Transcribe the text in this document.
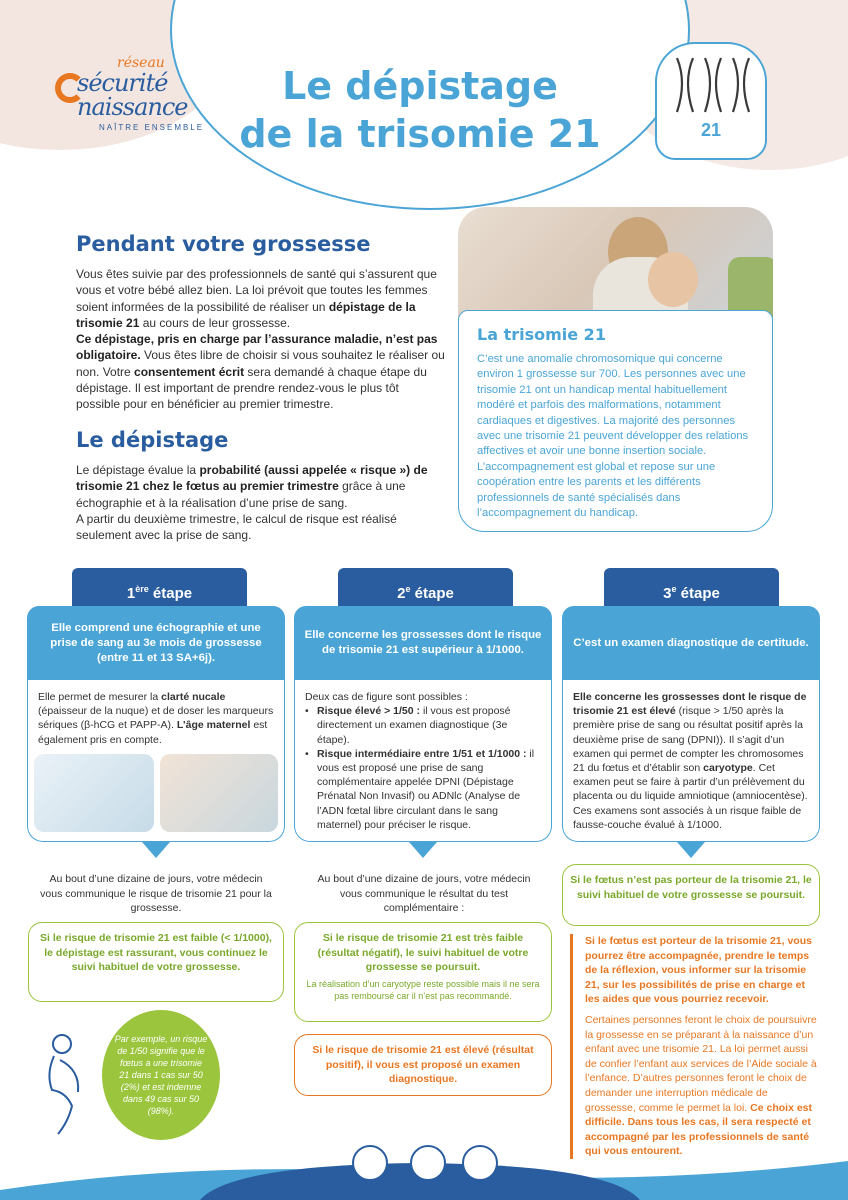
réseau
sécurité
naissance
NAÎTRE ENSEMBLE
Le dépistage
de la trisomie 21	21
Pendant votre grossesse
Vous êtes suivie par des professionnels de santé qui s’assurent que vous et votre bébé allez bien. La loi prévoit que toutes les femmes soient informées de la possibilité de réaliser un dépistage de la trisomie 21 au cours de leur grossesse.
Ce dépistage, pris en charge par l’assurance maladie, n’est pas obligatoire. Vous êtes libre de choisir si vous souhaitez le réaliser ou non. Votre consentement écrit sera demandé à chaque étape du dépistage. Il est important de prendre rendez-vous le plus tôt possible pour en bénéficier au premier trimestre.
Le dépistage
Le dépistage évalue la probabilité (aussi appelée « risque ») de trisomie 21 chez le fœtus au premier trimestre grâce à une échographie et à la réalisation d’une prise de sang.
A partir du deuxième trimestre, le calcul de risque est réalisé seulement avec la prise de sang.
La trisomie 21
C’est une anomalie chromosomique qui concerne environ 1 grossesse sur 700. Les personnes avec une trisomie 21 ont un handicap mental habituellement modéré et parfois des malformations, notamment cardiaques et digestives. La majorité des personnes avec une trisomie 21 peuvent développer des relations affectives et avoir une bonne insertion sociale. L’accompagnement est global et repose sur une coopération entre les parents et les différents professionnels de santé spécialisés dans l’accompagnement du handicap.
1ère étape	2e étape	3e étape
Elle comprend une échographie et une prise de sang au 3e mois de grossesse (entre 11 et 13 SA+6j).
Elle concerne les grossesses dont le risque de trisomie 21 est supérieur à 1/1000.
C’est un examen diagnostique de certitude.
Elle permet de mesurer la clarté nucale (épaisseur de la nuque) et de doser les marqueurs sériques (β-hCG et PAPP-A). L’âge maternel est également pris en compte.
Deux cas de figure sont possibles :
• Risque élevé > 1/50 : il vous est proposé directement un examen diagnostique (3e étape).
• Risque intermédiaire entre 1/51 et 1/1000 : il vous est proposé une prise de sang complémentaire appelée DPNI (Dépistage Prénatal Non Invasif) ou ADNlc (Analyse de l’ADN fœtal libre circulant dans le sang maternel) pour préciser le risque.
Elle concerne les grossesses dont le risque de trisomie 21 est élevé (risque > 1/50 après la première prise de sang ou résultat positif après la deuxième prise de sang (DPNI)). Il s’agit d’un examen qui permet de compter les chromosomes 21 du fœtus et d’établir son caryotype. Cet examen peut se faire à partir d’un prélèvement du placenta ou du liquide amniotique (amniocentèse). Ces examens sont associés à un risque faible de fausse-couche évalué à 1/1000.
Au bout d’une dizaine de jours, votre médecin vous communique le risque de trisomie 21 pour la grossesse.
Si le risque de trisomie 21 est faible (< 1/1000), le dépistage est rassurant, vous continuez le suivi habituel de votre grossesse.
Au bout d’une dizaine de jours, votre médecin vous communique le résultat du test complémentaire :
Si le risque de trisomie 21 est très faible (résultat négatif), le suivi habituel de votre grossesse se poursuit.
La réalisation d’un caryotype reste possible mais il ne sera pas remboursé car il n’est pas recommandé.
Si le risque de trisomie 21 est élevé (résultat positif), il vous est proposé un examen diagnostique.
Si le fœtus n’est pas porteur de la trisomie 21, le suivi habituel de votre grossesse se poursuit.
Si le fœtus est porteur de la trisomie 21, vous pourrez être accompagnée, prendre le temps de la réflexion, vous informer sur la trisomie 21, sur les possibilités de prise en charge et les aides que vous pourriez recevoir.
Certaines personnes feront le choix de poursuivre la grossesse en se préparant à la naissance d’un enfant avec une trisomie 21. La loi permet aussi de confier l’enfant aux services de l’Aide sociale à l’enfance. D’autres personnes feront le choix de demander une interruption médicale de grossesse, comme le permet la loi. Ce choix est difficile. Dans tous les cas, il sera respecté et accompagné par les professionnels de santé qui vous entourent.
Par exemple, un risque de 1/50 signifie que le fœtus a une trisomie 21 dans 1 cas sur 50 (2%) et est indemne dans 49 cas sur 50 (98%).
